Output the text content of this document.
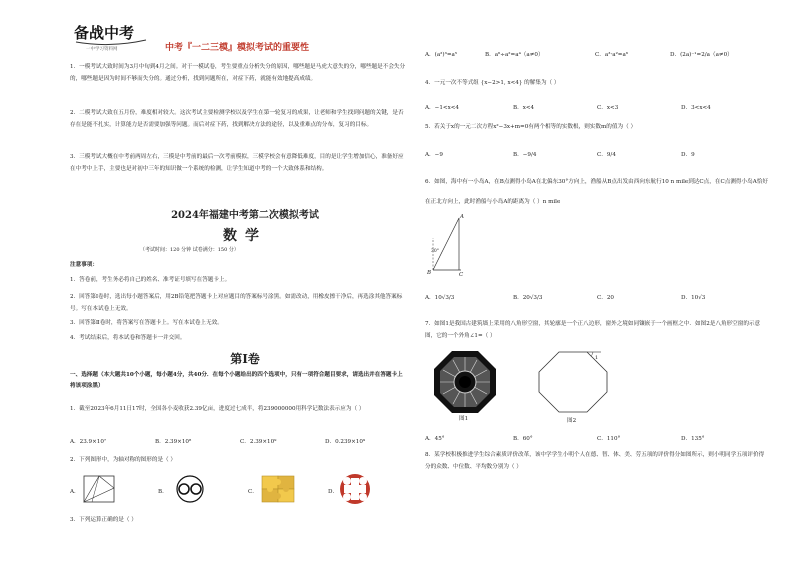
备战中考
一中学习资料网	中考『一二三模』模拟考试的重要性
1．一模考试大致时间为3月中旬到4月之间。对于一模试卷，考生要重点分析失分的原因，哪些题是马虎大意失的分，哪些题是不会失分的，哪些题是因为时间不够而失分的。通过分析，找到问题所在，对症下药，就能有效地提高成绩。
2．二模考试大致在五月份，难度相对较大。这次考试主要检测学校以及学生在第一轮复习的成果，让老师和学生找到问题的关键，是否存在是能不扎实，计算能力是否需要加强等问题。而后对症下药，找到解决方法的途径，以及重难点的分布，复习的目标。
3．三模考试大概在中考前两周左右，三模是中考前的最后一次考前模拟，三模学校会有意降低难度，目的是让学生增加信心，准备好应在中考中上手，主要也是对初中三年的知识做一个系统的检测，让学生知道中考的一个大致体系和结构。
2024年福建中考第二次模拟考试
数学
（考试时间：120 分钟 试卷满分：150 分）
注意事项：
1．答卷前，考生务必将自己的姓名、准考证号填写在答题卡上。
2．回答第Ⅰ卷时，选出每小题答案后，用2B铅笔把答题卡上对应题目的答案标号涂黑。如需改动，用橡皮擦干净后，再选涂其他答案标号。写在本试卷上无效。
3．回答第Ⅱ卷时，将答案写在答题卡上。写在本试卷上无效。
4．考试结束后，将本试卷和答题卡一并交回。
第Ⅰ卷
一、选择题（本大题共10个小题，每小题4分，共40分．在每个小题给出的四个选项中，只有一项符合题目要求，请选出并在答题卡上将该项涂黑）
1．截至2023年6月11日17时，全国各小麦收获2.39亿亩，进度过七成半，将239000000用科学记数法表示应为（ ）
A．23.9×10⁷	B．2.39×10⁸	C．2.39×10⁹	D．0.239×10⁹
2．下列图形中，为轴对称的图形的是（ ）
A．	B．	C．	D．
3．下列运算正确的是（ ）
A．(a²)³=a⁵	B．a⁶÷a²=a⁴（a≠0）	C．a³·a²=a⁶	D．(2a)⁻¹=2/a（a≠0）
4．一元一次不等式组 {x−2>1, x<4} 的解集为（ ）
A．−1<x<4	B．x<4	C．x<3	D．3<x<4
5．若关于x的一元二次方程x²−3x+m=0有两个相等的实数根，则实数m的值为（ ）
A．−9	B．−9/4	C．9/4	D．9
6．如图，海中有一小岛A，在B点测得小岛A在北偏东30°方向上，渔船从B点出发由西向东航行10 n mile到达C点，在C点测得小岛A恰好在正北方向上，此时渔船与小岛A的距离为（ ）n mile
A
B	C
30°
A．10√3/3	B．20√3/3	C．20	D．10√3
7．如图1是我国古建筑墙上采用的八角形空窗，其轮廓是一个正八边形，窗外之境如同镶嵌于一个画框之中．如图2是八角形空窗的示意图，它的一个外角∠1=（ ）
图1
1
图2
A．45°	B．60°	C．110°	D．135°
8．某学校积极推进学生综合素质评价改革，该中学学生小明个人在德、智、体、美、劳五项的评价得分如图所示，则小明同学五项评价得分的众数、中位数、平均数分别为（ ）
